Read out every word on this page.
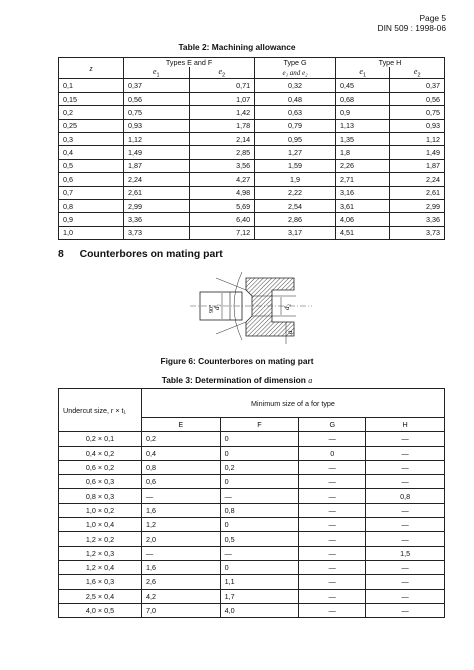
Page 5
DIN 509 : 1998-06
Table 2: Machining allowance
z	Types E and F		Type G	Type H	
	$e_1$	$e_2$	e₁ and e₂	$e_1$	$e_2$
0,1	0,37	0,71	0,32	0,45	0,37
0,15	0,56	1,07	0,48	0,68	0,56
0,2	0,75	1,42	0,63	0,9	0,75
0,25	0,93	1,78	0,79	1,13	0,93
0,3	1,12	2,14	0,95	1,35	1,12
0,4	1,49	2,85	1,27	1,8	1,49
0,5	1,87	3,56	1,59	2,26	1,87
0,6	2,24	4,27	1,9	2,71	2,24
0,7	2,61	4,98	2,22	3,16	2,61
0,8	2,99	5,69	2,54	3,61	2,99
0,9	3,36	6,40	2,86	4,06	3,36
1,0	3,73	7,12	3,17	4,51	3,73
8 Counterbores on mating part
d₁
90°	d₂
a
Figure 6: Counterbores on mating part
Table 3: Determination of dimension a
Undercut size, r × t₁	Minimum size of a for type			
	E	F	G	H
0,2 × 0,1	0,2	0	—	—
0,4 × 0,2	0,4	0	0	—
0,6 × 0,2	0,8	0,2	—	—
0,6 × 0,3	0,6	0	—	—
0,8 × 0,3	—	—	—	0,8
1,0 × 0,2	1,6	0,8	—	—
1,0 × 0,4	1,2	0	—	—
1,2 × 0,2	2,0	0,5	—	—
1,2 × 0,3	—	—	—	1,5
1,2 × 0,4	1,6	0	—	—
1,6 × 0,3	2,6	1,1	—	—
2,5 × 0,4	4,2	1,7	—	—
4,0 × 0,5	7,0	4,0	—	—
